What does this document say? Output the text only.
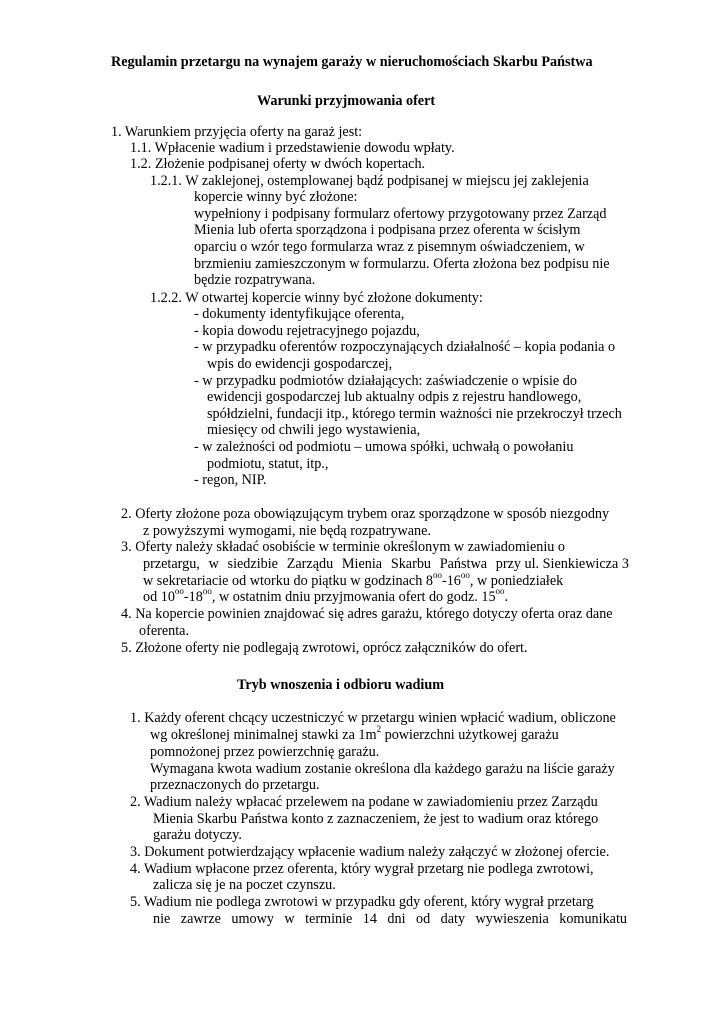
Regulamin przetargu na wynajem garaży w nieruchomościach Skarbu Państwa
Warunki przyjmowania ofert
1. Warunkiem przyjęcia oferty na garaż jest:
1.1. Wpłacenie wadium i przedstawienie dowodu wpłaty.
1.2. Złożenie podpisanej oferty w dwóch kopertach.
1.2.1. W zaklejonej, ostemplowanej bądź podpisanej w miejscu jej zaklejenia
kopercie winny być złożone:
wypełniony i podpisany formularz ofertowy przygotowany przez Zarząd
Mienia lub oferta sporządzona i podpisana przez oferenta w ścisłym
oparciu o wzór tego formularza wraz z pisemnym oświadczeniem, w
brzmieniu zamieszczonym w formularzu. Oferta złożona bez podpisu nie
będzie rozpatrywana.
1.2.2. W otwartej kopercie winny być złożone dokumenty:
- dokumenty identyfikujące oferenta,
- kopia dowodu rejetracyjnego pojazdu,
- w przypadku oferentów rozpoczynających działalność – kopia podania o
wpis do ewidencji gospodarczej,
- w przypadku podmiotów działających: zaświadczenie o wpisie do
ewidencji gospodarczej lub aktualny odpis z rejestru handlowego,
spółdzielni, fundacji itp., którego termin ważności nie przekroczył trzech
miesięcy od chwili jego wystawienia,
- w zależności od podmiotu – umowa spółki, uchwałą o powołaniu
podmiotu, statut, itp.,
- regon, NIP.
2. Oferty złożone poza obowiązującym trybem oraz sporządzone w sposób niezgodny
z powyższymi wymogami, nie będą rozpatrywane.
3. Oferty należy składać osobiście w terminie określonym w zawiadomieniu o
przetargu, w siedzibie Zarządu Mienia Skarbu Państwa przy ul. Sienkiewicza 3
w sekretariacie od wtorku do piątku w godzinach $8^{oo}-16^{oo}$, w poniedziałek
od $10^{oo}-18^{oo}$, w ostatnim dniu przyjmowania ofert do godz. $15^{oo}$.
4. Na kopercie powinien znajdować się adres garażu, którego dotyczy oferta oraz dane
oferenta.
5. Złożone oferty nie podlegają zwrotowi, oprócz załączników do ofert.
Tryb wnoszenia i odbioru wadium
1. Każdy oferent chcący uczestniczyć w przetargu winien wpłacić wadium, obliczone
wg określonej minimalnej stawki za $1m^2$ powierzchni użytkowej garażu
pomnożonej przez powierzchnię garażu.
Wymagana kwota wadium zostanie określona dla każdego garażu na liście garaży
przeznaczonych do przetargu.
2. Wadium należy wpłacać przelewem na podane w zawiadomieniu przez Zarządu
Mienia Skarbu Państwa konto z zaznaczeniem, że jest to wadium oraz którego
garażu dotyczy.
3. Dokument potwierdzający wpłacenie wadium należy załączyć w złożonej ofercie.
4. Wadium wpłacone przez oferenta, który wygrał przetarg nie podlega zwrotowi,
zalicza się je na poczet czynszu.
5. Wadium nie podlega zwrotowi w przypadku gdy oferent, który wygrał przetarg
nie zawrze umowy w terminie 14 dni od daty wywieszenia komunikatu
